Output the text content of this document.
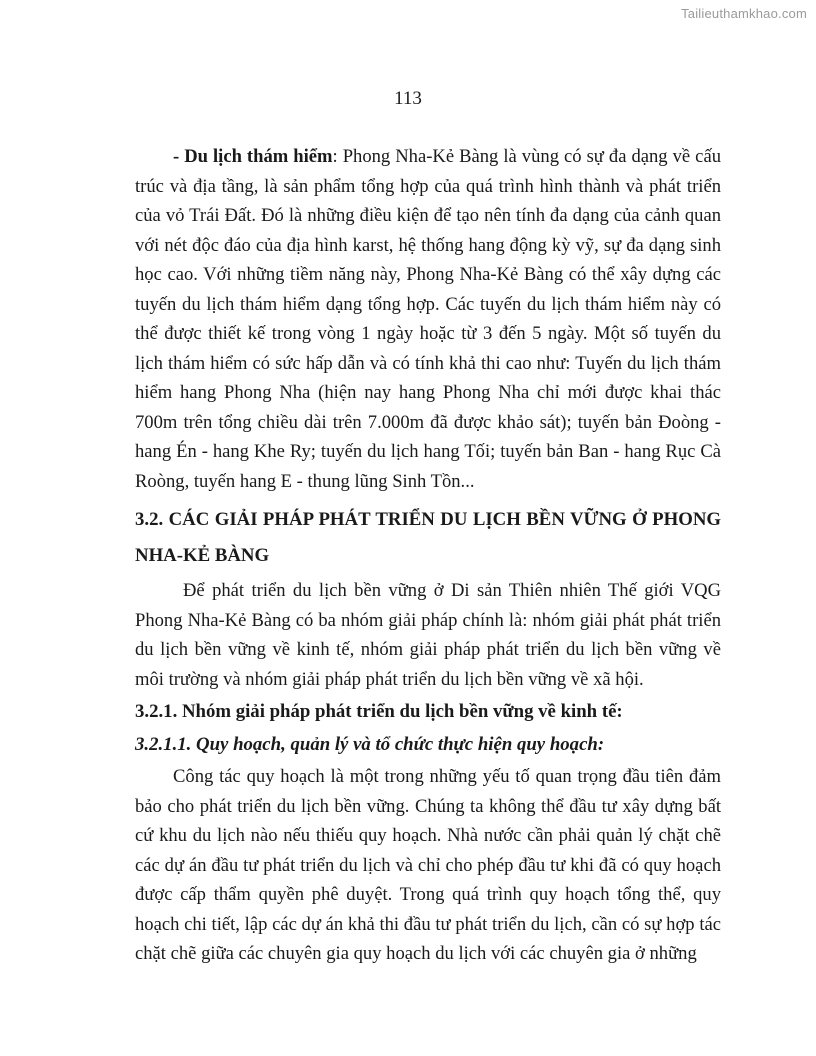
Tailieuthamkhao.com
113

- Du lịch thám hiểm: Phong Nha-Kẻ Bàng là vùng có sự đa dạng về cấu trúc và địa tầng, là sản phẩm tổng hợp của quá trình hình thành và phát triển của vỏ Trái Đất. Đó là những điều kiện để tạo nên tính đa dạng của cảnh quan với nét độc đáo của địa hình karst, hệ thống hang động kỳ vỹ, sự đa dạng sinh học cao. Với những tiềm năng này, Phong Nha-Kẻ Bàng có thể xây dựng các tuyến du lịch thám hiểm dạng tổng hợp. Các tuyến du lịch thám hiểm này có thể được thiết kế trong vòng 1 ngày hoặc từ 3 đến 5 ngày. Một số tuyến du lịch thám hiểm có sức hấp dẫn và có tính khả thi cao như: Tuyến du lịch thám hiểm hang Phong Nha (hiện nay hang Phong Nha chỉ mới được khai thác 700m trên tổng chiều dài trên 7.000m đã được khảo sát); tuyến bản Đoòng - hang Én - hang Khe Ry; tuyến du lịch hang Tối; tuyến bản Ban - hang Rục Cà Roòng, tuyến hang E - thung lũng Sinh Tồn...

3.2. CÁC GIẢI PHÁP PHÁT TRIỂN DU LỊCH BỀN VỮNG Ở PHONG NHA-KẺ BÀNG

Để phát triển du lịch bền vững ở Di sản Thiên nhiên Thế giới VQG Phong Nha-Kẻ Bàng có ba nhóm giải pháp chính là: nhóm giải phát phát triển du lịch bền vững về kinh tế, nhóm giải pháp phát triển du lịch bền vững về môi trường và nhóm giải pháp phát triển du lịch bền vững về xã hội.

3.2.1. Nhóm giải pháp phát triển du lịch bền vững về kinh tế:
3.2.1.1. Quy hoạch, quản lý và tổ chức thực hiện quy hoạch:

Công tác quy hoạch là một trong những yếu tố quan trọng đầu tiên đảm bảo cho phát triển du lịch bền vững. Chúng ta không thể đầu tư xây dựng bất cứ khu du lịch nào nếu thiếu quy hoạch. Nhà nước cần phải quản lý chặt chẽ các dự án đầu tư phát triển du lịch và chỉ cho phép đầu tư khi đã có quy hoạch được cấp thẩm quyền phê duyệt. Trong quá trình quy hoạch tổng thể, quy hoạch chi tiết, lập các dự án khả thi đầu tư phát triển du lịch, cần có sự hợp tác chặt chẽ giữa các chuyên gia quy hoạch du lịch với các chuyên gia ở những
